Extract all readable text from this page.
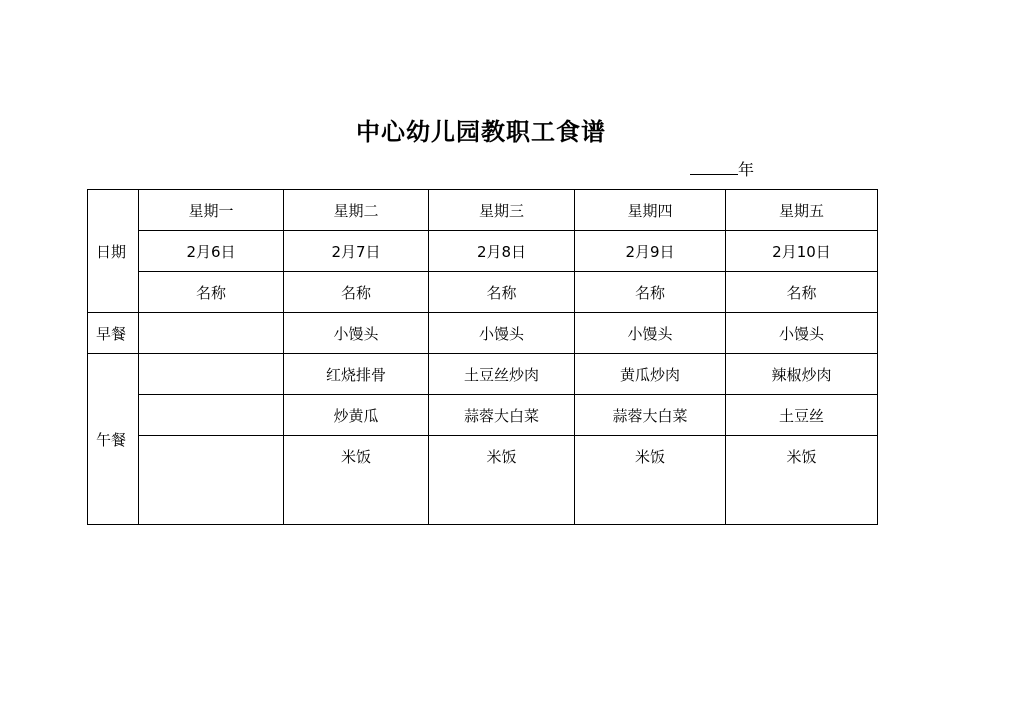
中心幼儿园教职工食谱
年
日期	星期一	星期二	星期三	星期四	星期五
	2月6日	2月7日	2月8日	2月9日	2月10日
	名称	名称	名称	名称	名称
早餐		小馒头	小馒头	小馒头	小馒头
午餐		红烧排骨	土豆丝炒肉	黄瓜炒肉	辣椒炒肉
		炒黄瓜	蒜蓉大白菜	蒜蓉大白菜	土豆丝
		米饭	米饭	米饭	米饭
